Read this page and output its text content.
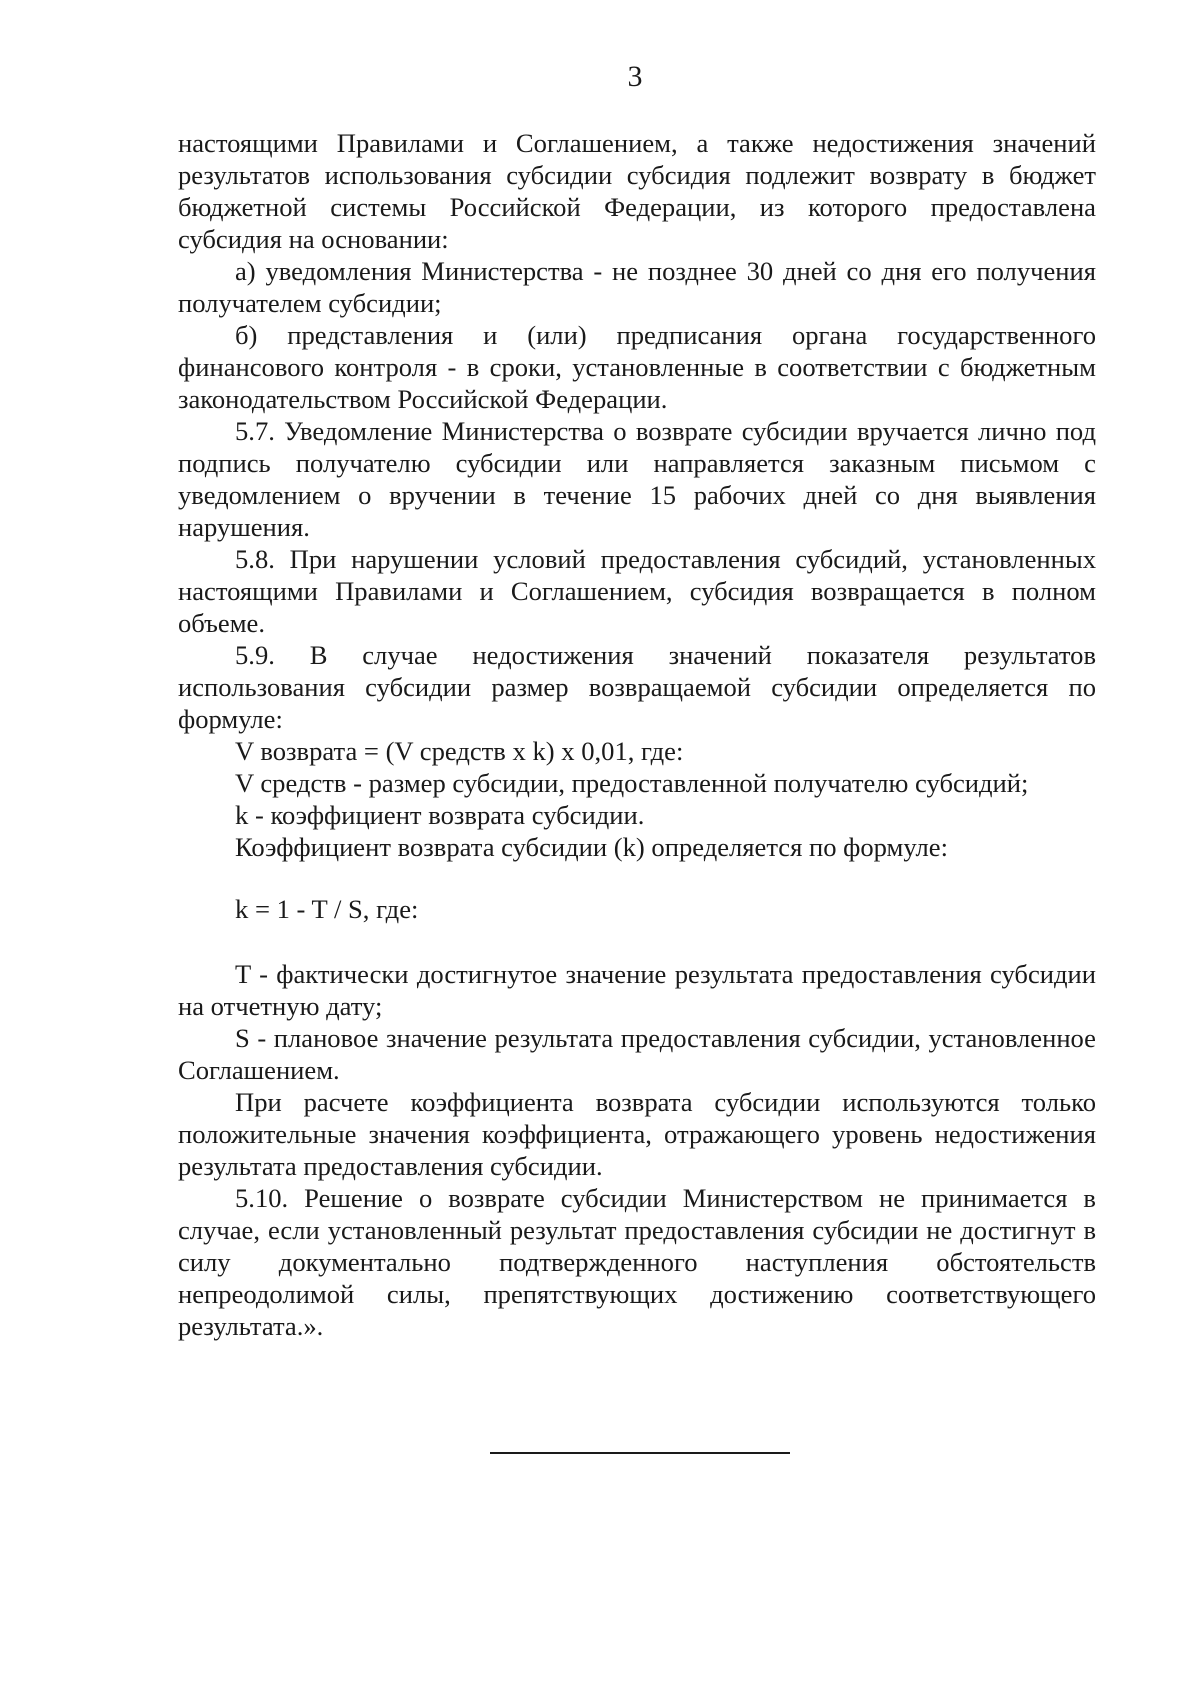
3

настоящими Правилами и Соглашением, а также недостижения значений результатов использования субсидии субсидия подлежит возврату в бюджет бюджетной системы Российской Федерации, из которого предоставлена субсидия на основании:

а) уведомления Министерства - не позднее 30 дней со дня его получения получателем субсидии;

б) представления и (или) предписания органа государственного финансового контроля - в сроки, установленные в соответствии с бюджетным законодательством Российской Федерации.

5.7. Уведомление Министерства о возврате субсидии вручается лично под подпись получателю субсидии или направляется заказным письмом с уведомлением о вручении в течение 15 рабочих дней со дня выявления нарушения.

5.8. При нарушении условий предоставления субсидий, установленных настоящими Правилами и Соглашением, субсидия возвращается в полном объеме.

5.9. В случае недостижения значений показателя результатов использования субсидии размер возвращаемой субсидии определяется по формуле:

V возврата = (V средств x k) x 0,01, где:

V средств - размер субсидии, предоставленной получателю субсидий;

k - коэффициент возврата субсидии.

Коэффициент возврата субсидии (k) определяется по формуле:

k = 1 - T / S, где:

T - фактически достигнутое значение результата предоставления субсидии на отчетную дату;

S - плановое значение результата предоставления субсидии, установленное Соглашением.

При расчете коэффициента возврата субсидии используются только положительные значения коэффициента, отражающего уровень недостижения результата предоставления субсидии.

5.10. Решение о возврате субсидии Министерством не принимается в случае, если установленный результат предоставления субсидии не достигнут в силу документально подтвержденного наступления обстоятельств непреодолимой силы, препятствующих достижению соответствующего результата.».
